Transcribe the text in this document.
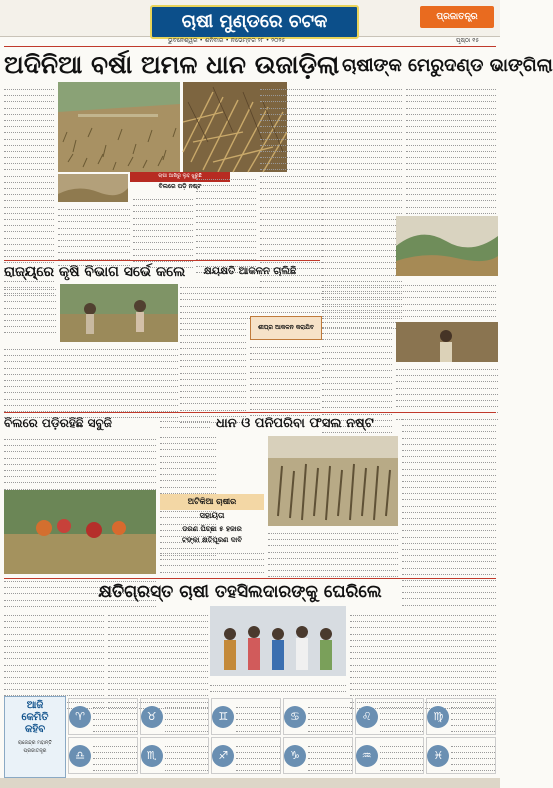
ଚାଷୀ ମୁଣ୍ଡରେ ଚଟକ
ଭୁବନେଶ୍ୱର • ଶନିବାର • ନଭେମ୍ବର ୨୮ • ୨୦୨୫
ପ୍ରଜାତନ୍ତ୍ର
ପୃଷ୍ଠା ୧୫
ଅଦିନିଆ ବର୍ଷା ଅମଳ ଧାନ ଉଜାଡ଼ିଲା ଚାଷୀଙ୍କ ମେରୁଦଣ୍ଡ ଭାଙ୍ଗିଲା
ଚାଷୀ ଆଖିରୁ ଲୁହ ଝୁରୁଛି
ବିଲରେ ପଡ଼ି ନଷ୍ଟ
ରାଜ୍ୟ୍ରେ କୃଷି ବିଭାଗ ସର୍ଭେ କଲେ	କ୍ଷୟକ୍ଷତି ଆକଳନ ଚାଲିଛି
ଶୀଘ୍ର ଆକଳନ କରାଯିବ
ବିଲରେ ପଡ଼ିରହିଛି ସବୁଜି	ଧାନ ଓ ପନିପରିବା ଫସଲ ନଷ୍ଟ
ଅଟିକିଆ ଚାଷୀର
ସହାୟତା
ଡରଣ ପିଚ୍ଛା ୫ ହଜାର
ଟଙ୍କା କ୍ଷତିପୂରଣ ଦାବି
କ୍ଷତିଗ୍ରସ୍ତ ଚାଷୀ ତହସିଲଦାରଙ୍କୁ ଘେରିଲେ
ଆଜି
କେମିତି
କହିବ
ରାଜେନ୍ଦ୍ର ମହାନ୍ତି
ପ୍ରଜାତନ୍ତ୍ର
♈	♉	♊	♋	♌	♍
♎	♏	♐	♑	♒	♓
